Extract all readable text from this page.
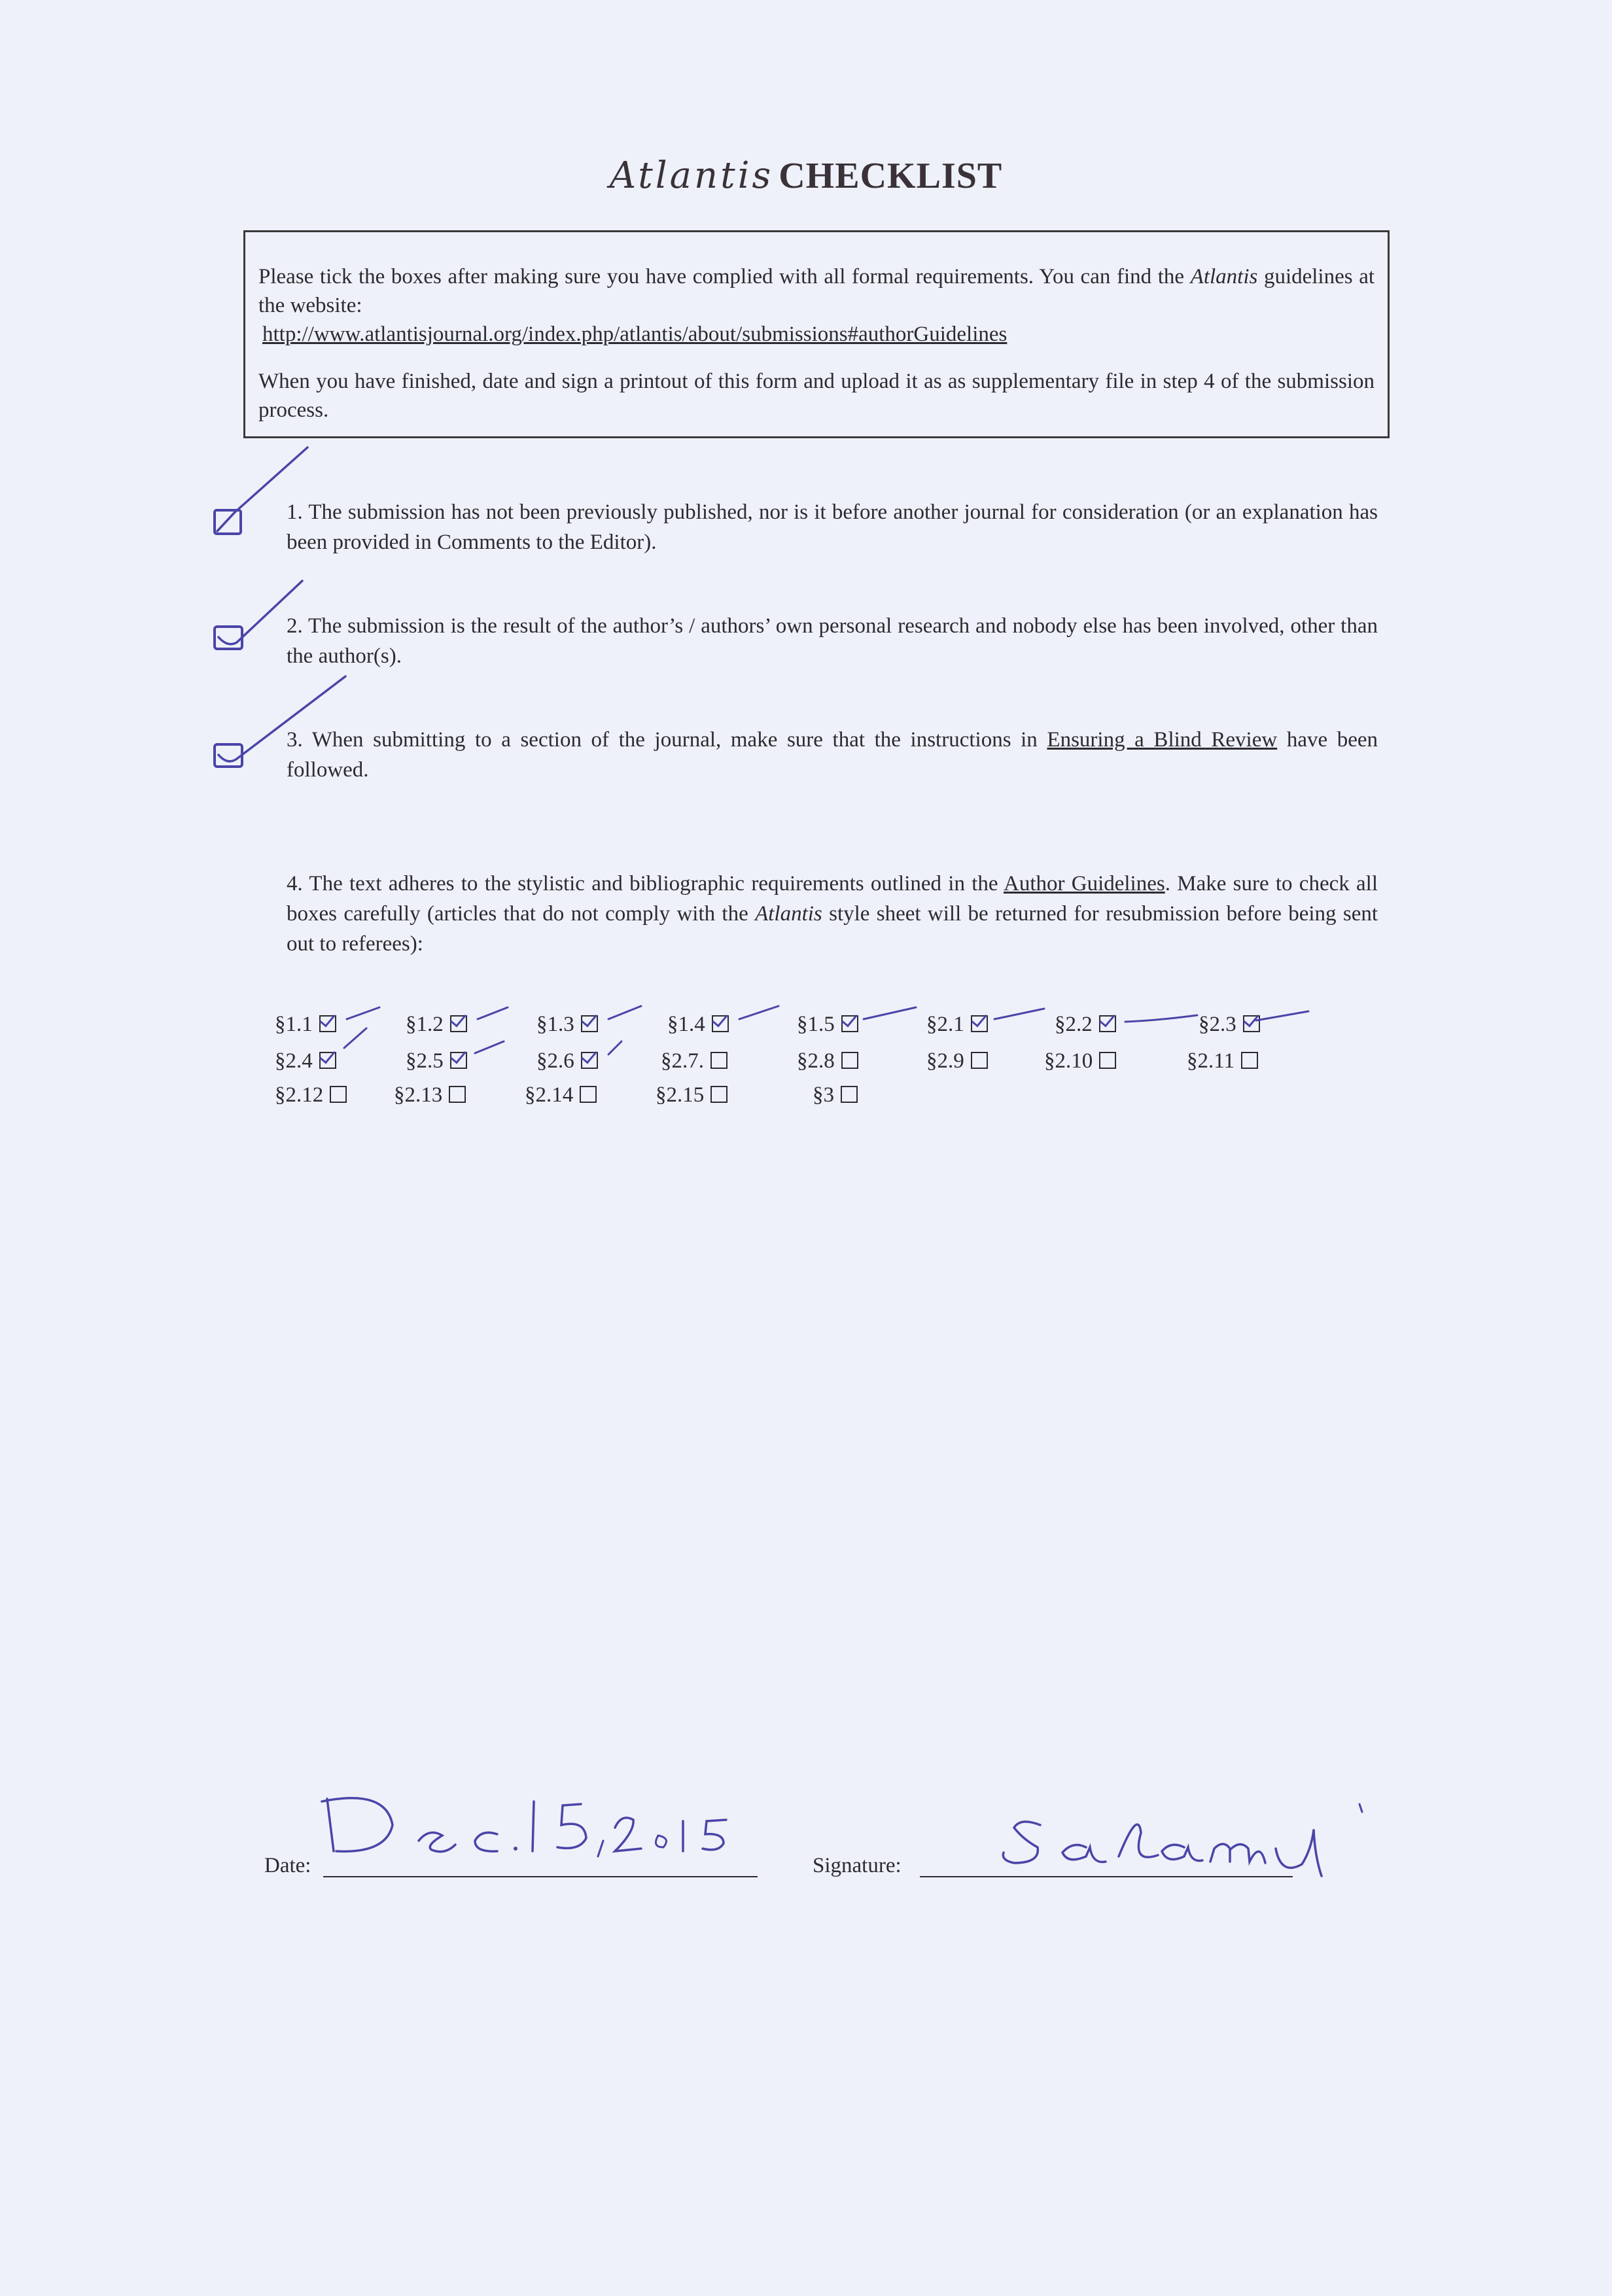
Atlantis CHECKLIST

Please tick the boxes after making sure you have complied with all formal requirements. You can find the Atlantis guidelines at the website:
http://www.atlantisjournal.org/index.php/atlantis/about/submissions#authorGuidelines

When you have finished, date and sign a printout of this form and upload it as as supplementary file in step 4 of the submission process.

1. The submission has not been previously published, nor is it before another journal for consideration (or an explanation has been provided in Comments to the Editor).
2. The submission is the result of the author’s / authors’ own personal research and nobody else has been involved, other than the author(s).
3. When submitting to a section of the journal, make sure that the instructions in Ensuring a Blind Review have been followed.
4. The text adheres to the stylistic and bibliographic requirements outlined in the Author Guidelines. Make sure to check all boxes carefully (articles that do not comply with the Atlantis style sheet will be returned for resubmission before being sent out to referees):
§1.1	§1.2	§1.3	§1.4	§1.5	§2.1	§2.2	§2.3
§2.4	§2.5	§2.6	§2.7.	§2.8	§2.9	§2.10	§2.11
§2.12	§2.13	§2.14	§2.15	§3
Date:	Signature:
